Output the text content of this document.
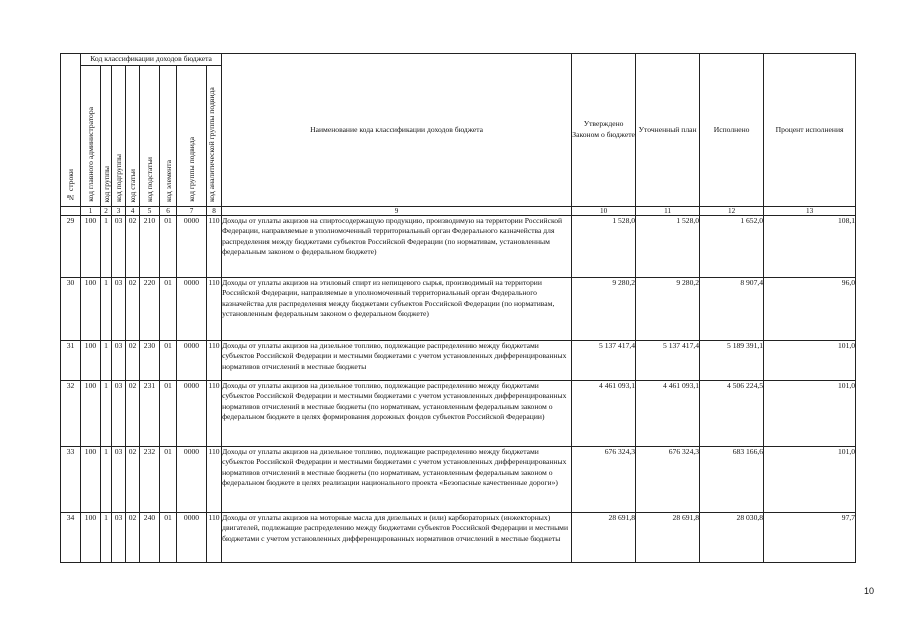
№ строки	Код классификации доходов бюджета								Наименование кода классификации доходов бюджета	Утверждено Законом о бюджете	Уточненный план	Исполнено	Процент исполнения
	код главного администратора	код группы	код подгруппы	код статьи	код подстатьи	код элемента	код группы подвида	код аналитической группы подвида					
	1	2	3	4	5	6	7	8	9	10	11	12	13
29	100	1	03	02	210	01	0000	110	Доходы от уплаты акцизов на спиртосодержащую продукцию, производимую на территории Российской Федерации, направляемые в уполномоченный территориальный орган Федерального казначейства для распределения между бюджетами субъектов Российской Федерации (по нормативам, установленным федеральным законом о федеральном бюджете)	1 528,0	1 528,0	1 652,0	108,1
30	100	1	03	02	220	01	0000	110	Доходы от уплаты акцизов на этиловый спирт из непищевого сырья, производимый на территории Российской Федерации, направляемые в уполномоченный территориальный орган Федерального казначейства для распределения между бюджетами субъектов Российской Федерации (по нормативам, установленным федеральным законом о федеральном бюджете)	9 280,2	9 280,2	8 907,4	96,0
31	100	1	03	02	230	01	0000	110	Доходы от уплаты акцизов на дизельное топливо, подлежащие распределению между бюджетами субъектов Российской Федерации и местными бюджетами с учетом установленных дифференцированных нормативов отчислений в местные бюджеты	5 137 417,4	5 137 417,4	5 189 391,1	101,0
32	100	1	03	02	231	01	0000	110	Доходы от уплаты акцизов на дизельное топливо, подлежащие распределению между бюджетами субъектов Российской Федерации и местными бюджетами с учетом установленных дифференцированных нормативов отчислений в местные бюджеты (по нормативам, установленным федеральным законом о федеральном бюджете в целях формирования дорожных фондов субъектов Российской Федерации)	4 461 093,1	4 461 093,1	4 506 224,5	101,0
33	100	1	03	02	232	01	0000	110	Доходы от уплаты акцизов на дизельное топливо, подлежащие распределению между бюджетами субъектов Российской Федерации и местными бюджетами с учетом установленных дифференцированных нормативов отчислений в местные бюджеты (по нормативам, установленным федеральным законом о федеральном бюджете в целях реализации национального проекта «Безопасные качественные дороги»)	676 324,3	676 324,3	683 166,6	101,0
34	100	1	03	02	240	01	0000	110	Доходы от уплаты акцизов на моторные масла для дизельных и (или) карбюраторных (инжекторных) двигателей, подлежащие распределению между бюджетами субъектов Российской Федерации и местными бюджетами с учетом установленных дифференцированных нормативов отчислений в местные бюджеты	28 691,8	28 691,8	28 030,8	97,7
10
